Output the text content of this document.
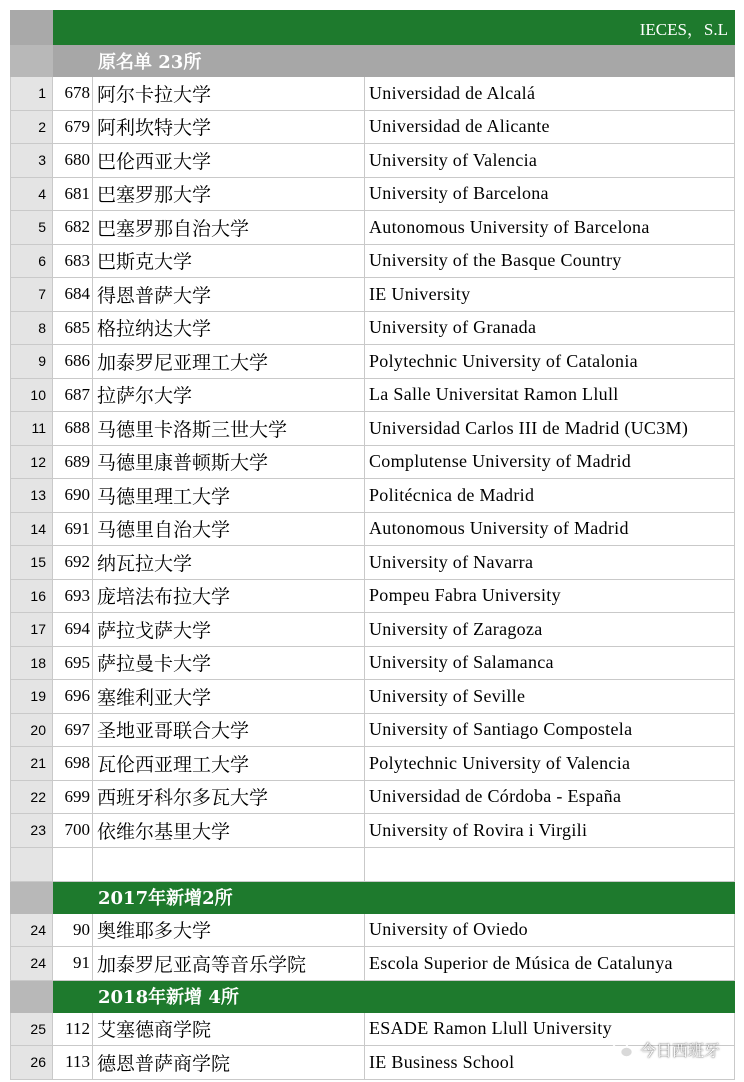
			IECES，S.L
		原名单 23所	
1	678	阿尔卡拉大学	Universidad de Alcalá
2	679	阿利坎特大学	Universidad de Alicante
3	680	巴伦西亚大学	University of Valencia
4	681	巴塞罗那大学	University of Barcelona
5	682	巴塞罗那自治大学	Autonomous University of Barcelona
6	683	巴斯克大学	University of the Basque Country
7	684	得恩普萨大学	IE University
8	685	格拉纳达大学	University of Granada
9	686	加泰罗尼亚理工大学	Polytechnic University of Catalonia
10	687	拉萨尔大学	La Salle Universitat Ramon Llull
11	688	马德里卡洛斯三世大学	Universidad Carlos III de Madrid (UC3M)
12	689	马德里康普顿斯大学	Complutense University of Madrid
13	690	马德里理工大学	Politécnica de Madrid
14	691	马德里自治大学	Autonomous University of Madrid
15	692	纳瓦拉大学	University of Navarra
16	693	庞培法布拉大学	Pompeu Fabra University
17	694	萨拉戈萨大学	University of Zaragoza
18	695	萨拉曼卡大学	University of Salamanca
19	696	塞维利亚大学	University of Seville
20	697	圣地亚哥联合大学	University of Santiago Compostela
21	698	瓦伦西亚理工大学	Polytechnic University of Valencia
22	699	西班牙科尔多瓦大学	Universidad de Córdoba - España
23	700	依维尔基里大学	University of Rovira i Virgili

		2017年新增2所	
24	90	奥维耶多大学	University of Oviedo
24	91	加泰罗尼亚高等音乐学院	Escola Superior de Música de Catalunya
		2018年新增 4所	
25	112	艾塞德商学院	ESADE Ramon Llull University
26	113	德恩普萨商学院	IE Business School
今日西班牙
